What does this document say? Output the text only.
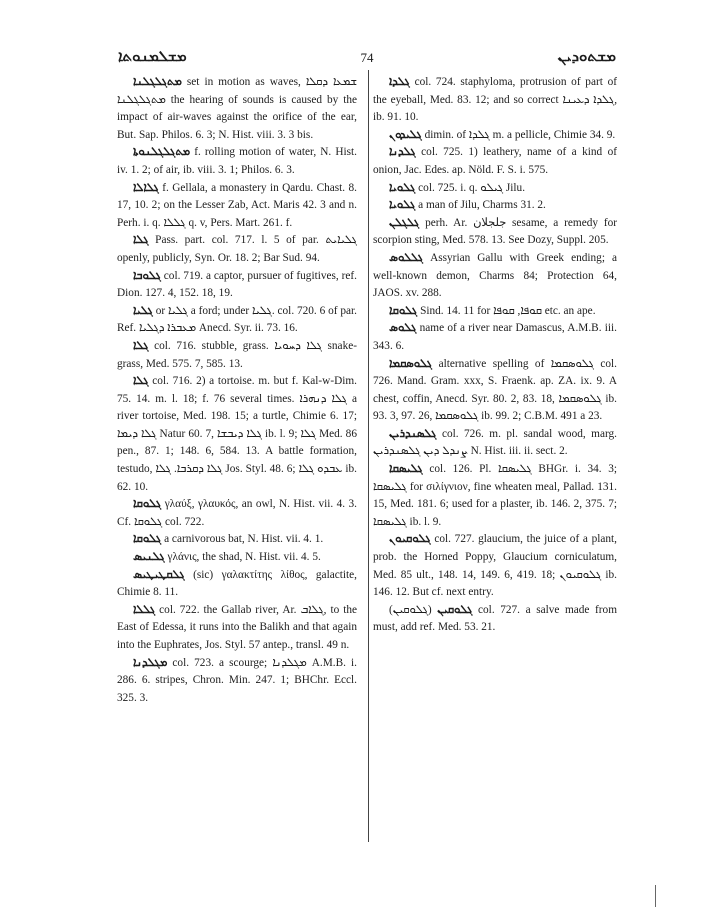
ܡܫܠܡܢܘܬܐ	74	ܡܫܬܘܕܝܢ

ܡܬܓܠܓܠܢܐ set in motion as waves, ܫܡܥܐ ܕܩܠܐ ܡܬܓܠܓܠܢܐ the hearing of sounds is caused by the impact of air-waves against the orifice of the ear, But. Sap. Philos. 6. 3; N. Hist. viii. 3. 3 bis.

ܡܬܓܠܓܠܢܘܬܐ f. rolling motion of water, N. Hist. iv. 1. 2; of air, ib. viii. 3. 1; Philos. 6. 3.

ܓܠܐܠܐ f. Gellala, a monastery in Qardu. Chast. 8. 17, 10. 2; on the Lesser Zab, Act. Maris 42. 3 and n. Perh. i. q. ܓܠܠܐ q. v, Pers. Mart. 261. f.

ܓܠܐ Pass. part. col. 717. l. 5 of par. ܓܠܝܐܝܬ openly, publicly, Syn. Or. 18. 2; Bar Sud. 94.

ܓܠܘܒܐ col. 719. a captor, pursuer of fugitives, ref. Dion. 127. 4, 152. 18, 19.

ܓܠܝܐ or ܓܠܝܐ a ford; under ܓܠܝܐ. col. 720. 6 of par. Ref. ܡܥܒܪܐ ܕܓܠܝܐ Anecd. Syr. ii. 73. 16.

ܓܠܐ col. 716. stubble, grass. ܓܠܐ ܕܚܘܝܐ snake-grass, Med. 575. 7, 585. 13.

ܓܠܐ col. 716. 2) a tortoise. m. but f. Kal-w-Dim. 75. 14. m. l. 18; f. 76 several times. ܓܠܐ ܕܢܗܪܐ a river tortoise, Med. 198. 15; a turtle, Chimie 6. 17; ܓܠܐ ܕܝܡܐ Natur 60. 7, ܓܠܐ ܕܝܒܫܐ ib. l. 9; ܓܠܐ Med. 86 pen., 87. 1; 148. 6, 584. 13. A battle formation, testudo, ܓܠܐ ܕܩܪܒܐ. ܓܠܐ Jos. Styl. 48. 6; ܥܒܕܘ ܓܠܐ ib. 62. 10.

ܓܠܘܩܐ γλαύξ, γλαυκός, an owl, N. Hist. vii. 4. 3. Cf. ܓܠܘܩܐ col. 722.

ܓܠܘܩܐ a carnivorous bat, N. Hist. vii. 4. 1.

ܓܠܢܝܣ γλάνις, the shad, N. Hist. vii. 4. 5.

ܓܠܩܛܝܛܝܣ (sic) γαλακτίτης λίθος, galactite, Chimie 8. 11.

ܓܠܠܐ col. 722. the Gallab river, Ar. ܓܠܐܒ, to the East of Edessa, it runs into the Balikh and that again into the Euphrates, Jos. Styl. 57 antep., transl. 49 n.

ܡܓܠܕܢܐ col. 723. a scourge; ܡܓܠܕܢܐ A.M.B. i. 286. 6. stripes, Chron. Min. 247. 1; BHChr. Eccl. 325. 3.

ܓܠܕܐ col. 724. staphyloma, protrusion of part of the eyeball, Med. 83. 12; and so correct ܓܠܕܐ ܕܥܝܢܐ, ib. 91. 10.

ܓܠܝܕܘܢ dimin. of ܓܠܕܐ m. a pellicle, Chimie 34. 9.

ܓܠܕܢܐ col. 725. 1) leathery, name of a kind of onion, Jac. Edes. ap. Nöld. F. S. i. 575.

ܓܠܘܝܐ col. 725. i. q. ܓܝܠܘ Jilu.

ܓܠܘܝܐ a man of Jilu, Charms 31. 2.

ܓܠܓܠܢ perh. Ar. جلجلان sesame, a remedy for scorpion sting, Med. 578. 13. See Dozy, Suppl. 205.

ܓܠܠܘܣ Assyrian Gallu with Greek ending; a well-known demon, Charms 84; Protection 64, JAOS. xv. 288.

ܓܠܘܩܐ Sind. 14. 11 for ܩܘܦܐ, ܩܘܦܐ etc. an ape.

ܓܠܘܣ name of a river near Damascus, A.M.B. iii. 343. 6.

ܓܠܘܣܩܡܐ alternative spelling of ܓܠܘܣܩܡܐ col. 726. Mand. Gram. xxx, S. Fraenk. ap. ZA. ix. 9. A chest, coffin, Anecd. Syr. 80. 2, 83. 18, ܓܠܘܣܩܡܐ ib. 93. 3, 97. 26, ܓܠܘܣܩܡܐ ib. 99. 2; C.B.M. 491 a 23.

ܓܠܣܢܕܪܝܢ col. 726. m. pl. sandal wood, marg. ܨܢܕܠ ܕܝܢ ܓܠܣܢܕܪܝܢ N. Hist. iii. ii. sect. 2.

ܓܠܝܣܩܐ col. 126. Pl. ܓܠܝܣܩܐ BHGr. i. 34. 3; ܓܠܝܣܩܐ for σιλίγνιον, fine wheaten meal, Pallad. 131. 15, Med. 181. 6; used for a plaster, ib. 146. 2, 375. 7; ܓܠܝܣܩܐ ib. l. 9.

ܓܠܘܩܝܘܢ col. 727. glaucium, the juice of a plant, prob. the Horned Poppy, Glaucium corniculatum, Med. 85 ult., 148. 14, 149. 6, 419. 18; ܓܠܘܩܝܘܢ ib. 146. 12. But cf. next entry.

ܓܠܘܩܝܢ (ܓܠܘܩܝܢ) col. 727. a salve made from must, add ref. Med. 53. 21.
